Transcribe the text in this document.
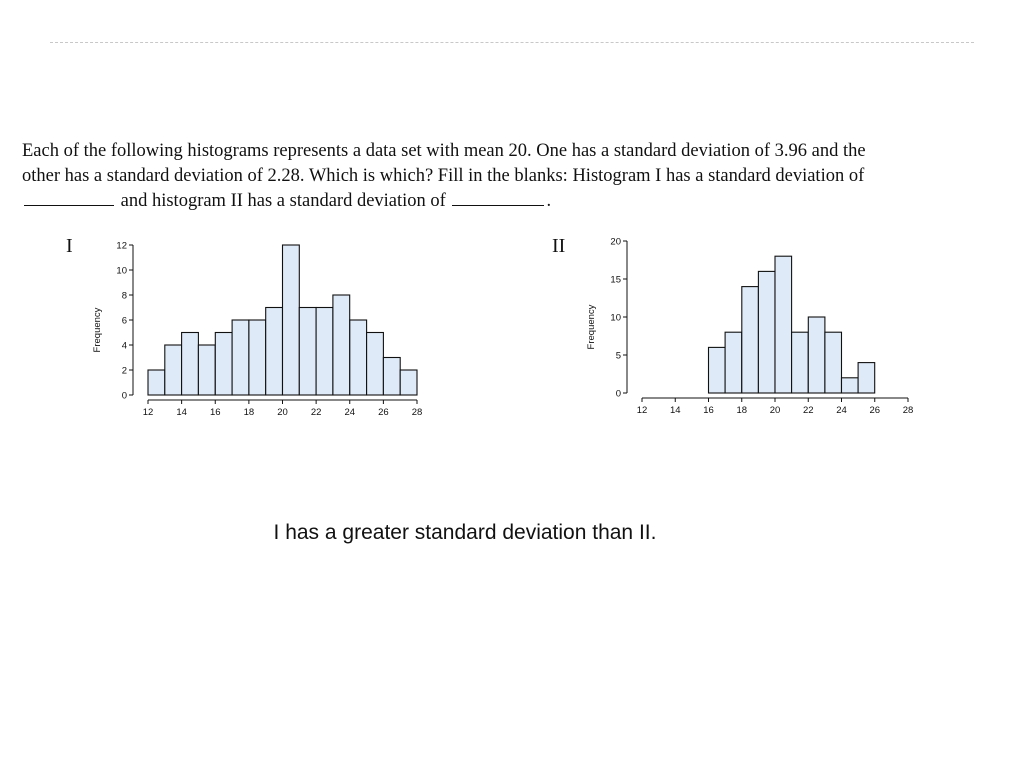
Each of the following histograms represents a data set with mean 20. One has a standard deviation of 3.96 and the
other has a standard deviation of 2.28. Which is which? Fill in the blanks: Histogram I has a standard deviation of
and histogram II has a standard deviation of	.
I
0
2
4
6
8
10
12
12 14 16 18 20 22 24 26 28
Frequency
II
0
5
10
15
20
12 14 16 18 20 22 24 26 28
Frequency
I has a greater standard deviation than II.
